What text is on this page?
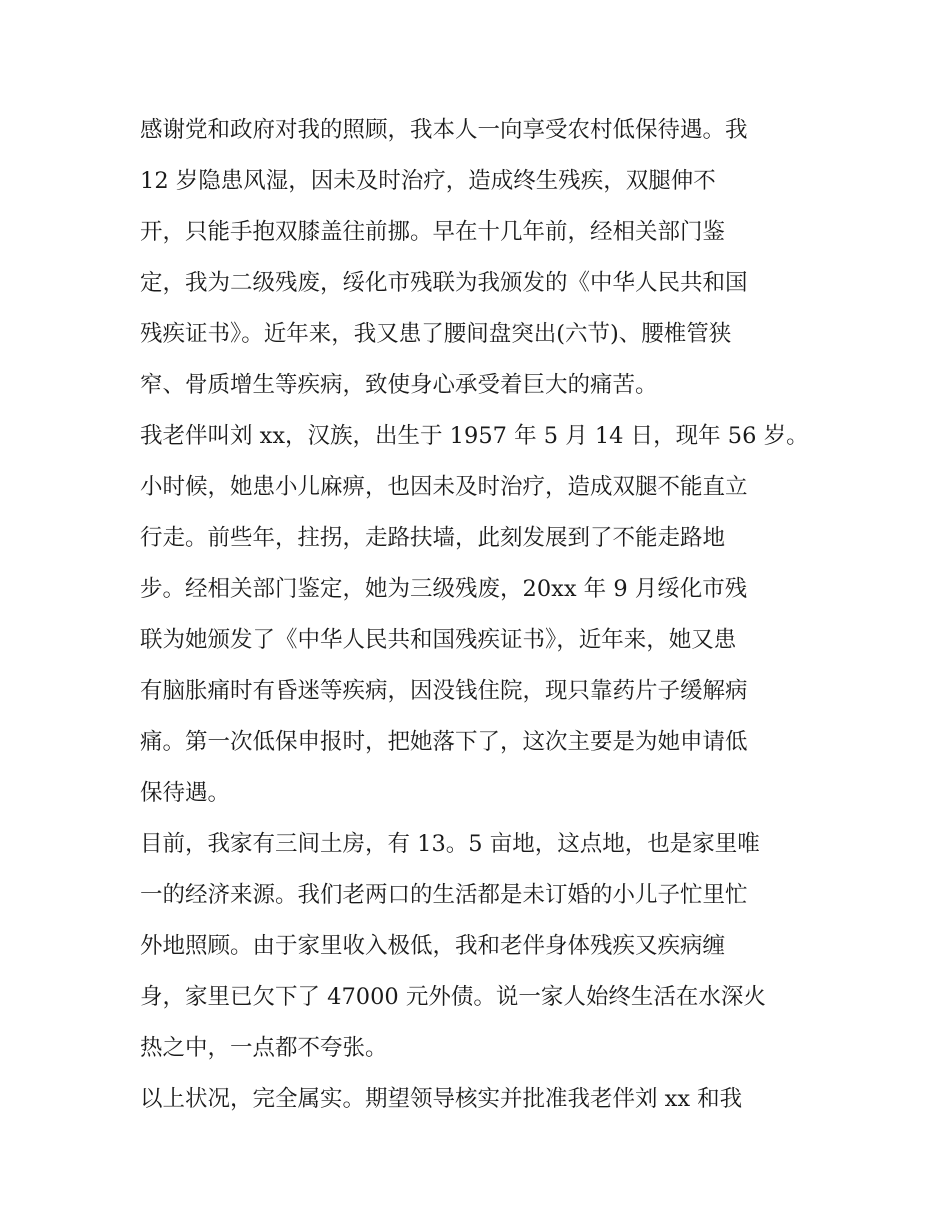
感谢党和政府对我的照顾，我本人一向享受农村低保待遇。我
12 岁隐患风湿，因未及时治疗，造成终生残疾，双腿伸不
开，只能手抱双膝盖往前挪。早在十几年前，经相关部门鉴
定，我为二级残废，绥化市残联为我颁发的《中华人民共和国
残疾证书》。近年来，我又患了腰间盘突出(六节)、腰椎管狭
窄、骨质增生等疾病，致使身心承受着巨大的痛苦。
我老伴叫刘 xx，汉族，出生于 1957 年 5 月 14 日，现年 56 岁。
小时候，她患小儿麻痹，也因未及时治疗，造成双腿不能直立
行走。前些年，拄拐，走路扶墙，此刻发展到了不能走路地
步。经相关部门鉴定，她为三级残废，20xx 年 9 月绥化市残
联为她颁发了《中华人民共和国残疾证书》，近年来，她又患
有脑胀痛时有昏迷等疾病，因没钱住院，现只靠药片子缓解病
痛。第一次低保申报时，把她落下了，这次主要是为她申请低
保待遇。
目前，我家有三间土房，有 13。5 亩地，这点地，也是家里唯
一的经济来源。我们老两口的生活都是未订婚的小儿子忙里忙
外地照顾。由于家里收入极低，我和老伴身体残疾又疾病缠
身，家里已欠下了 47000 元外债。说一家人始终生活在水深火
热之中，一点都不夸张。
以上状况，完全属实。期望领导核实并批准我老伴刘 xx 和我
